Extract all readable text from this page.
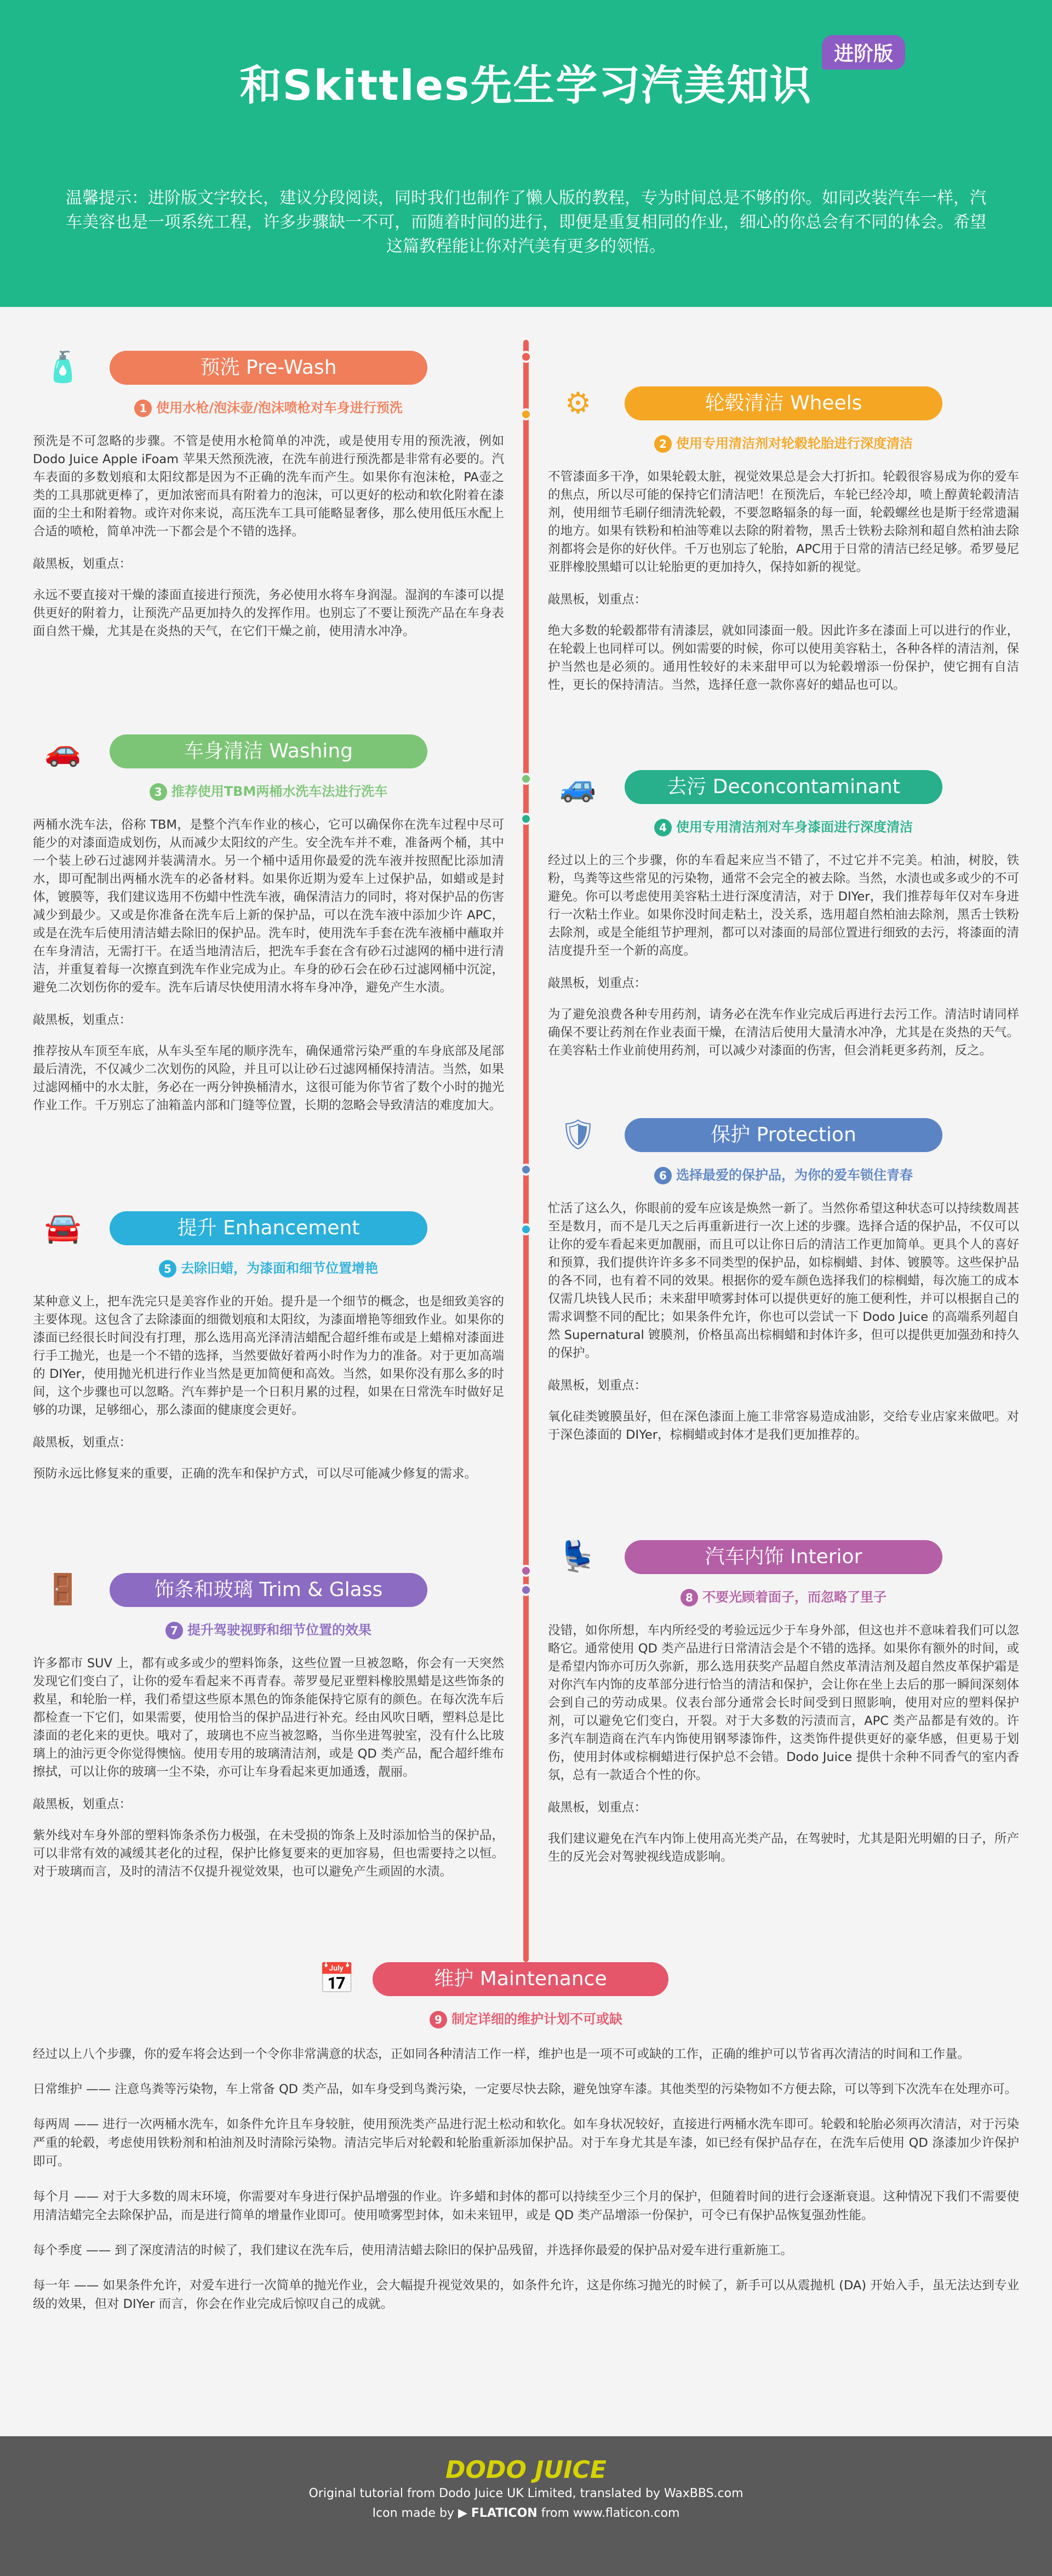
和Skittles先生学习汽美知识
进阶版
温馨提示：进阶版文字较长，建议分段阅读，同时我们也制作了懒人版的教程，专为时间总是不够的你。如同改装汽车一样，汽车美容也是一项系统工程，许多步骤缺一不可，而随着时间的进行，即便是重复相同的作业，细心的你总会有不同的体会。希望这篇教程能让你对汽美有更多的领悟。
🧴	预洗 Pre-Wash
1 使用水枪/泡沫壶/泡沫喷枪对车身进行预洗
预洗是不可忽略的步骤。不管是使用水枪简单的冲洗，或是使用专用的预洗液，例如 Dodo Juice Apple iFoam 苹果天然预洗液，在洗车前进行预洗都是非常有必要的。汽车表面的多数划痕和太阳纹都是因为不正确的洗车而产生。如果你有泡沫枪，PA壶之类的工具那就更棒了，更加浓密而具有附着力的泡沫，可以更好的松动和软化附着在漆面的尘土和附着物。或许对你来说，高压洗车工具可能略显奢侈，那么使用低压水配上合适的喷枪，简单冲洗一下都会是个不错的选择。
敲黑板，划重点：
永远不要直接对干燥的漆面直接进行预洗，务必使用水将车身润湿。湿润的车漆可以提供更好的附着力，让预洗产品更加持久的发挥作用。也别忘了不要让预洗产品在车身表面自然干燥，尤其是在炎热的天气，在它们干燥之前，使用清水冲净。
⚙	轮毂清洁 Wheels
2 使用专用清洁剂对轮毂轮胎进行深度清洁
不管漆面多干净，如果轮毂太脏，视觉效果总是会大打折扣。轮毂很容易成为你的爱车的焦点，所以尽可能的保持它们清洁吧！在预洗后，车轮已经冷却，喷上醇黄轮毂清洁剂，使用细节毛刷仔细清洗轮毂，不要忽略辐条的每一面，轮毂螺丝也是斯于经常遗漏的地方。如果有铁粉和柏油等难以去除的附着物，黑舌士铁粉去除剂和超自然柏油去除剂都将会是你的好伙伴。千万也别忘了轮胎，APC用于日常的清洁已经足够。希罗曼尼亚胖橡胶黑蜡可以让轮胎更的更加持久，保持如新的视觉。
敲黑板，划重点：
绝大多数的轮毂都带有清漆层，就如同漆面一般。因此许多在漆面上可以进行的作业，在轮毂上也同样可以。例如需要的时候，你可以使用美容粘土，各种各样的清洁剂，保护当然也是必须的。通用性较好的未来甜甲可以为轮毂增添一份保护，使它拥有自洁性，更长的保持清洁。当然，选择任意一款你喜好的蜡品也可以。
🚗	车身清洁 Washing
3 推荐使用TBM两桶水洗车法进行洗车
两桶水洗车法，俗称 TBM，是整个汽车作业的核心，它可以确保你在洗车过程中尽可能少的对漆面造成划伤，从而减少太阳纹的产生。安全洗车并不难，准备两个桶，其中一个装上砂石过滤网并装满清水。另一个桶中适用你最爱的洗车液并按照配比添加清水，即可配制出两桶水洗车的必备材料。如果你近期为爱车上过保护品，如蜡或是封体，镀膜等，我们建议选用不伤蜡中性洗车液，确保清洁力的同时，将对保护品的伤害减少到最少。又或是你准备在洗车后上新的保护品，可以在洗车液中添加少许 APC，或是在洗车后使用清洁蜡去除旧的保护品。洗车时，使用洗车手套在洗车液桶中蘸取并在车身清洁，无需打干。在适当地清洁后，把洗车手套在含有砂石过滤网的桶中进行清洁，并重复着每一次擦直到洗车作业完成为止。车身的砂石会在砂石过滤网桶中沉淀，避免二次划伤你的爱车。洗车后请尽快使用清水将车身冲净，避免产生水渍。
敲黑板，划重点：
推荐按从车顶至车底，从车头至车尾的顺序洗车，确保通常污染严重的车身底部及尾部最后清洗，不仅减少二次划伤的风险，并且可以让砂石过滤网桶保持清洁。当然，如果过滤网桶中的水太脏，务必在一两分钟换桶清水，这很可能为你节省了数个小时的抛光作业工作。千万别忘了油箱盖内部和门缝等位置，长期的忽略会导致清洁的难度加大。
🚙	去污 Deconcontaminant
4 使用专用清洁剂对车身漆面进行深度清洁
经过以上的三个步骤，你的车看起来应当不错了，不过它并不完美。柏油，树胶，铁粉，鸟粪等这些常见的污染物，通常不会完全的被去除。当然，水渍也或多或少的不可避免。你可以考虑使用美容粘土进行深度清洁，对于 DIYer，我们推荐每年仅对车身进行一次粘土作业。如果你没时间走粘土，没关系，选用超自然柏油去除剂，黑舌士铁粉去除剂，或是全能组节护理剂，都可以对漆面的局部位置进行细致的去污，将漆面的清洁度提升至一个新的高度。
敲黑板，划重点：
为了避免浪费各种专用药剂，请务必在洗车作业完成后再进行去污工作。清洁时请同样确保不要让药剂在作业表面干燥，在清洁后使用大量清水冲净，尤其是在炎热的天气。在美容粘土作业前使用药剂，可以减少对漆面的伤害，但会消耗更多药剂，反之。
🚘	提升 Enhancement
5 去除旧蜡，为漆面和细节位置增艳
某种意义上，把车洗完只是美容作业的开始。提升是一个细节的概念，也是细致美容的主要体现。这包含了去除漆面的细微划痕和太阳纹，为漆面增艳等细致作业。如果你的漆面已经很长时间没有打理，那么选用高光泽清洁蜡配合超纤维布或是上蜡棉对漆面进行手工抛光，也是一个不错的选择，当然要做好着两小时作为力的准备。对于更加高端的 DIYer，使用抛光机进行作业当然是更加简便和高效。当然，如果你没有那么多的时间，这个步骤也可以忽略。汽车葬护是一个日积月累的过程，如果在日常洗车时做好足够的功课，足够细心，那么漆面的健康度会更好。
敲黑板，划重点：
预防永远比修复来的重要，正确的洗车和保护方式，可以尽可能减少修复的需求。
🛡	保护 Protection
6 选择最爱的保护品，为你的爱车锁住青春
忙活了这么久，你眼前的爱车应该是焕然一新了。当然你希望这种状态可以持续数周甚至是数月，而不是几天之后再重新进行一次上述的步骤。选择合适的保护品，不仅可以让你的爱车看起来更加靓丽，而且可以让你日后的清洁工作更加简单。更具个人的喜好和预算，我们提供许许多多不同类型的保护品，如棕榈蜡、封体、镀膜等。这些保护品的各不同，也有着不同的效果。根据你的爱车颜色选择我们的棕榈蜡，每次施工的成本仅需几块钱人民币；未来甜甲喷雾封体可以提供更好的施工便利性，并可以根据自己的需求调整不同的配比；如果条件允许，你也可以尝试一下 Dodo Juice 的高端系列超自然 Supernatural 镀膜剂，价格虽高出棕榈蜡和封体许多，但可以提供更加强劲和持久的保护。
敲黑板，划重点：
氧化硅类镀膜虽好，但在深色漆面上施工非常容易造成油影，交给专业店家来做吧。对于深色漆面的 DIYer，棕榈蜡或封体才是我们更加推荐的。
🚪	饰条和玻璃 Trim & Glass
7 提升驾驶视野和细节位置的效果
许多都市 SUV 上，都有或多或少的塑料饰条，这些位置一旦被忽略，你会有一天突然发现它们变白了，让你的爱车看起来不再青春。蒂罗曼尼亚塑料橡胶黑蜡是这些饰条的救星，和轮胎一样，我们希望这些原本黑色的饰条能保持它原有的颜色。在每次洗车后都检查一下它们，如果需要，使用恰当的保护品进行补充。经由风吹日晒，塑料总是比漆面的老化来的更快。哦对了，玻璃也不应当被忽略，当你坐进驾驶室，没有什么比玻璃上的油污更令你觉得懊恼。使用专用的玻璃清洁剂，或是 QD 类产品，配合超纤维布擦拭，可以让你的玻璃一尘不染，亦可让车身看起来更加通透，靓丽。
敲黑板，划重点：
紫外线对车身外部的塑料饰条杀伤力极强，在未受损的饰条上及时添加恰当的保护品，可以非常有效的减缓其老化的过程，保护比修复要来的更加容易，但也需要持之以恒。对于玻璃而言，及时的清洁不仅提升视觉效果，也可以避免产生顽固的水渍。
💺	汽车内饰 Interior
8 不要光顾着面子，而忽略了里子
没错，如你所想，车内所经受的考验远远少于车身外部，但这也并不意味着我们可以忽略它。通常使用 QD 类产品进行日常清洁会是个不错的选择。如果你有额外的时间，或是希望内饰亦可历久弥新，那么选用获奖产品超自然皮革清洁剂及超自然皮革保护霜是对你汽车内饰的皮革部分进行恰当的清洁和保护，会让你在坐上去后的那一瞬间深刻体会到自己的劳动成果。仪表台部分通常会长时间受到日照影响，使用对应的塑料保护剂，可以避免它们变白，开裂。对于大多数的污渍而言，APC 类产品都是有效的。许多汽车制造商在汽车内饰使用钢琴漆饰件，这类饰件提供更好的豪华感，但更易于划伤，使用封体或棕榈蜡进行保护总不会错。Dodo Juice 提供十余种不同香气的室内香氛，总有一款适合个性的你。
敲黑板，划重点：
我们建议避免在汽车内饰上使用高光类产品，在驾驶时，尤其是阳光明媚的日子，所产生的反光会对驾驶视线造成影响。
📅	维护 Maintenance
9 制定详细的维护计划不可或缺
经过以上八个步骤，你的爱车将会达到一个令你非常满意的状态，正如同各种清洁工作一样，维护也是一项不可或缺的工作，正确的维护可以节省再次清洁的时间和工作量。
日常维护 —— 注意鸟粪等污染物，车上常备 QD 类产品，如车身受到鸟粪污染，一定要尽快去除，避免蚀穿车漆。其他类型的污染物如不方便去除，可以等到下次洗车在处理亦可。
每两周 —— 进行一次两桶水洗车，如条件允许且车身较脏，使用预洗类产品进行泥土松动和软化。如车身状况较好，直接进行两桶水洗车即可。轮毂和轮胎必须再次清洁，对于污染严重的轮毂，考虑使用铁粉剂和柏油剂及时清除污染物。清洁完毕后对轮毂和轮胎重新添加保护品。对于车身尤其是车漆，如已经有保护品存在，在洗车后使用 QD 涤漆加少许保护即可。
每个月 —— 对于大多数的周末环境，你需要对车身进行保护品增强的作业。许多蜡和封体的都可以持续至少三个月的保护，但随着时间的进行会逐渐衰退。这种情况下我们不需要使用清洁蜡完全去除保护品，而是进行简单的增量作业即可。使用喷雾型封体，如未来钮甲，或是 QD 类产品增添一份保护，可令已有保护品恢复强劲性能。
每个季度 —— 到了深度清洁的时候了，我们建议在洗车后，使用清洁蜡去除旧的保护品残留，并选择你最爱的保护品对爱车进行重新施工。
每一年 —— 如果条件允许，对爱车进行一次简单的抛光作业，会大幅提升视觉效果的，如条件允许，这是你练习抛光的时候了，新手可以从震抛机 (DA) 开始入手，虽无法达到专业级的效果，但对 DIYer 而言，你会在作业完成后惊叹自己的成就。
DODO JUICE
Original tutorial from Dodo Juice UK Limited, translated by WaxBBS.com
Icon made by ▶ FLATICON from www.flaticon.com
